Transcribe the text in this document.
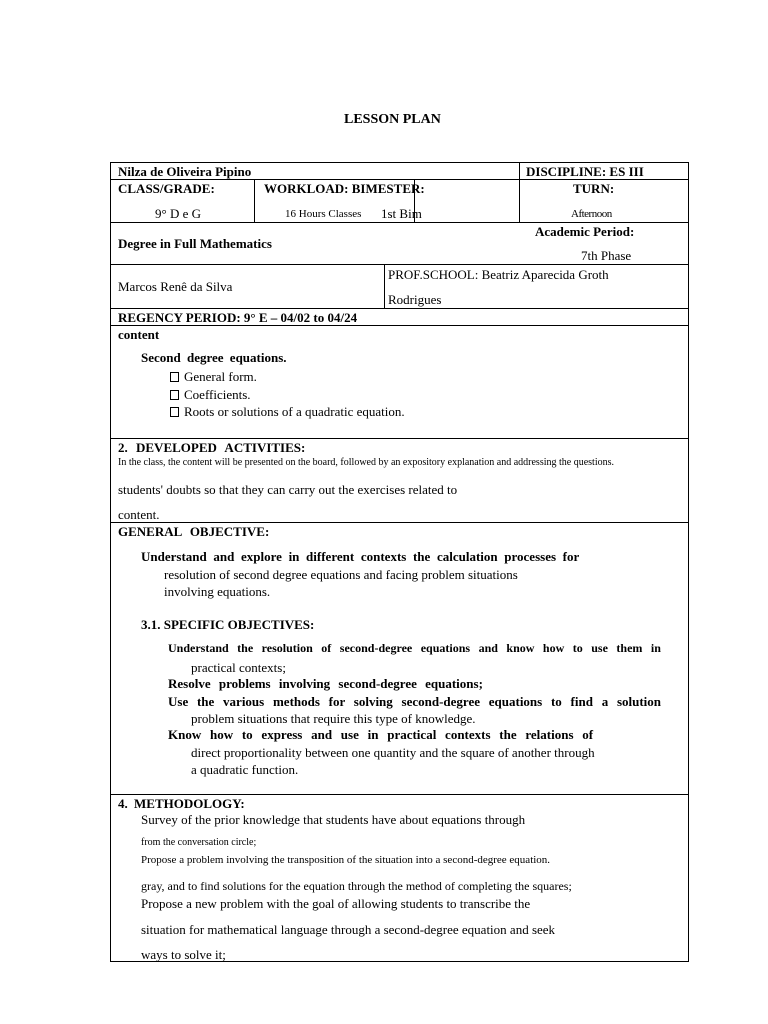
LESSON PLAN
Nilza de Oliveira Pipino	DISCIPLINE: ES III
CLASS/GRADE:
9° D e G
WORKLOAD: BIMESTER:
16 Hours Classes 1st Bim
TURN:
Afternoon
Degree in Full Mathematics
Academic Period:
7th Phase
Marcos Renê da Silva
PROF.SCHOOL: Beatriz Aparecida Groth
Rodrigues
REGENCY PERIOD: 9° E – 04/02 to 04/24
content
Second degree equations.
General form.
Coefficients.
Roots or solutions of a quadratic equation.
2. DEVELOPED ACTIVITIES:
In the class, the content will be presented on the board, followed by an expository explanation and addressing the questions.
students' doubts so that they can carry out the exercises related to
content.
GENERAL OBJECTIVE:
Understand and explore in different contexts the calculation processes for
resolution of second degree equations and facing problem situations
involving equations.
3.1. SPECIFIC OBJECTIVES:
Understand the resolution of second-degree equations and know how to use them in
practical contexts;
Resolve problems involving second-degree equations;
Use the various methods for solving second-degree equations to find a solution
problem situations that require this type of knowledge.
Know how to express and use in practical contexts the relations of
direct proportionality between one quantity and the square of another through
a quadratic function.
4. METHODOLOGY:
Survey of the prior knowledge that students have about equations through
from the conversation circle;
Propose a problem involving the transposition of the situation into a second-degree equation.
gray, and to find solutions for the equation through the method of completing the squares;
Propose a new problem with the goal of allowing students to transcribe the
situation for mathematical language through a second-degree equation and seek
ways to solve it;
